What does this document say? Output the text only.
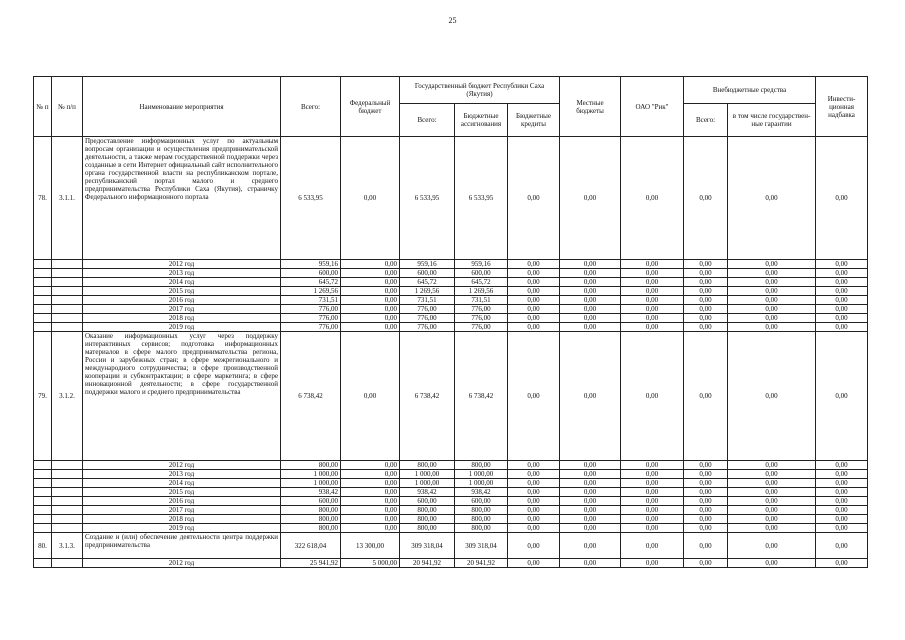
25
№ п	№ п/п	Наименование мероприятия	Всего:	Федеральный бюджет	Государственный бюджет Республики Саха (Якутия)			Местные бюджеты	ОАО "Рик"	Внебюджетные средства		Инвести-ционная надбавка
					Всего:	Бюджетные ассигнования	Бюджетные кредиты			Всего:	в том числе государствен-ные гарантии	
78.	3.1.1.	Предоставление информационных услуг по актуальным вопросам организации и осуществления предпринимательской деятельности, а также мерам государственной поддержки через созданные в сети Интернет официальный сайт исполнительного органа государственной власти на республиканском портале, республиканский портал малого и среднего предпринимательства Республики Саха (Якутия), страничку Федерального информационного портала	6 533,95	0,00	6 533,95	6 533,95	0,00	0,00	0,00	0,00	0,00	0,00
		2012 год	959,16	0,00	959,16	959,16	0,00	0,00	0,00	0,00	0,00	0,00
		2013 год	600,00	0,00	600,00	600,00	0,00	0,00	0,00	0,00	0,00	0,00
		2014 год	645,72	0,00	645,72	645,72	0,00	0,00	0,00	0,00	0,00	0,00
		2015 год	1 269,56	0,00	1 269,56	1 269,56	0,00	0,00	0,00	0,00	0,00	0,00
		2016 год	731,51	0,00	731,51	731,51	0,00	0,00	0,00	0,00	0,00	0,00
		2017 год	776,00	0,00	776,00	776,00	0,00	0,00	0,00	0,00	0,00	0,00
		2018 год	776,00	0,00	776,00	776,00	0,00	0,00	0,00	0,00	0,00	0,00
		2019 год	776,00	0,00	776,00	776,00	0,00	0,00	0,00	0,00	0,00	0,00
79.	3.1.2.	Оказание информационных услуг через поддержку интерактивных сервисов; подготовка информационных материалов в сфере малого предпринимательства региона, России и зарубежных стран; в сфере межрегионального и международного сотрудничества; в сфере производственной кооперации и субконтрактации; в сфере маркетинга; в сфере инновационной деятельности; в сфере государственной поддержки малого и среднего предпринимательства	6 738,42	0,00	6 738,42	6 738,42	0,00	0,00	0,00	0,00	0,00	0,00
		2012 год	800,00	0,00	800,00	800,00	0,00	0,00	0,00	0,00	0,00	0,00
		2013 год	1 000,00	0,00	1 000,00	1 000,00	0,00	0,00	0,00	0,00	0,00	0,00
		2014 год	1 000,00	0,00	1 000,00	1 000,00	0,00	0,00	0,00	0,00	0,00	0,00
		2015 год	938,42	0,00	938,42	938,42	0,00	0,00	0,00	0,00	0,00	0,00
		2016 год	600,00	0,00	600,00	600,00	0,00	0,00	0,00	0,00	0,00	0,00
		2017 год	800,00	0,00	800,00	800,00	0,00	0,00	0,00	0,00	0,00	0,00
		2018 год	800,00	0,00	800,00	800,00	0,00	0,00	0,00	0,00	0,00	0,00
		2019 год	800,00	0,00	800,00	800,00	0,00	0,00	0,00	0,00	0,00	0,00
80.	3.1.3.	Создание и (или) обеспечение деятельности центра поддержки предпринимательства	322 618,04	13 300,00	309 318,04	309 318,04	0,00	0,00	0,00	0,00	0,00	0,00
		2012 год	25 941,92	5 000,00	20 941,92	20 941,92	0,00	0,00	0,00	0,00	0,00	0,00
